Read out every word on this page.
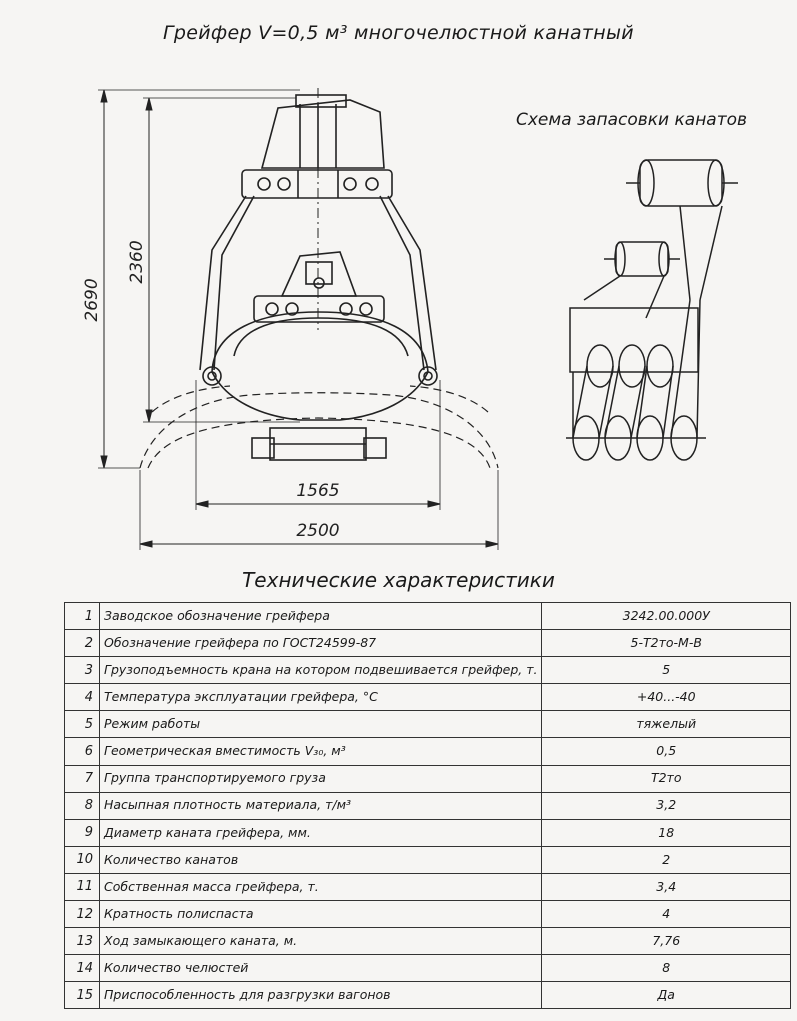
Грейфер V=0,5 м³ многочелюстной канатный
Схема запасовки канатов
2690
2360
1565
2500
Технические характеристики
1	Заводское обозначение грейфера	3242.00.000У
2	Обозначение грейфера по ГОСТ24599-87	5-Т2то-М-В
3	Грузоподъемность крана на котором подвешивается грейфер, т.	5
4	Температура эксплуатации грейфера, °С	+40...-40
5	Режим работы	тяжелый
6	Геометрическая вместимость V₃₀, м³	0,5
7	Группа транспортируемого груза	Т2то
8	Насыпная плотность материала, т/м³	3,2
9	Диаметр каната грейфера, мм.	18
10	Количество канатов	2
11	Собственная масса грейфера, т.	3,4
12	Кратность полиспаста	4
13	Ход замыкающего каната, м.	7,76
14	Количество челюстей	8
15	Приспособленность для разгрузки вагонов	Да
